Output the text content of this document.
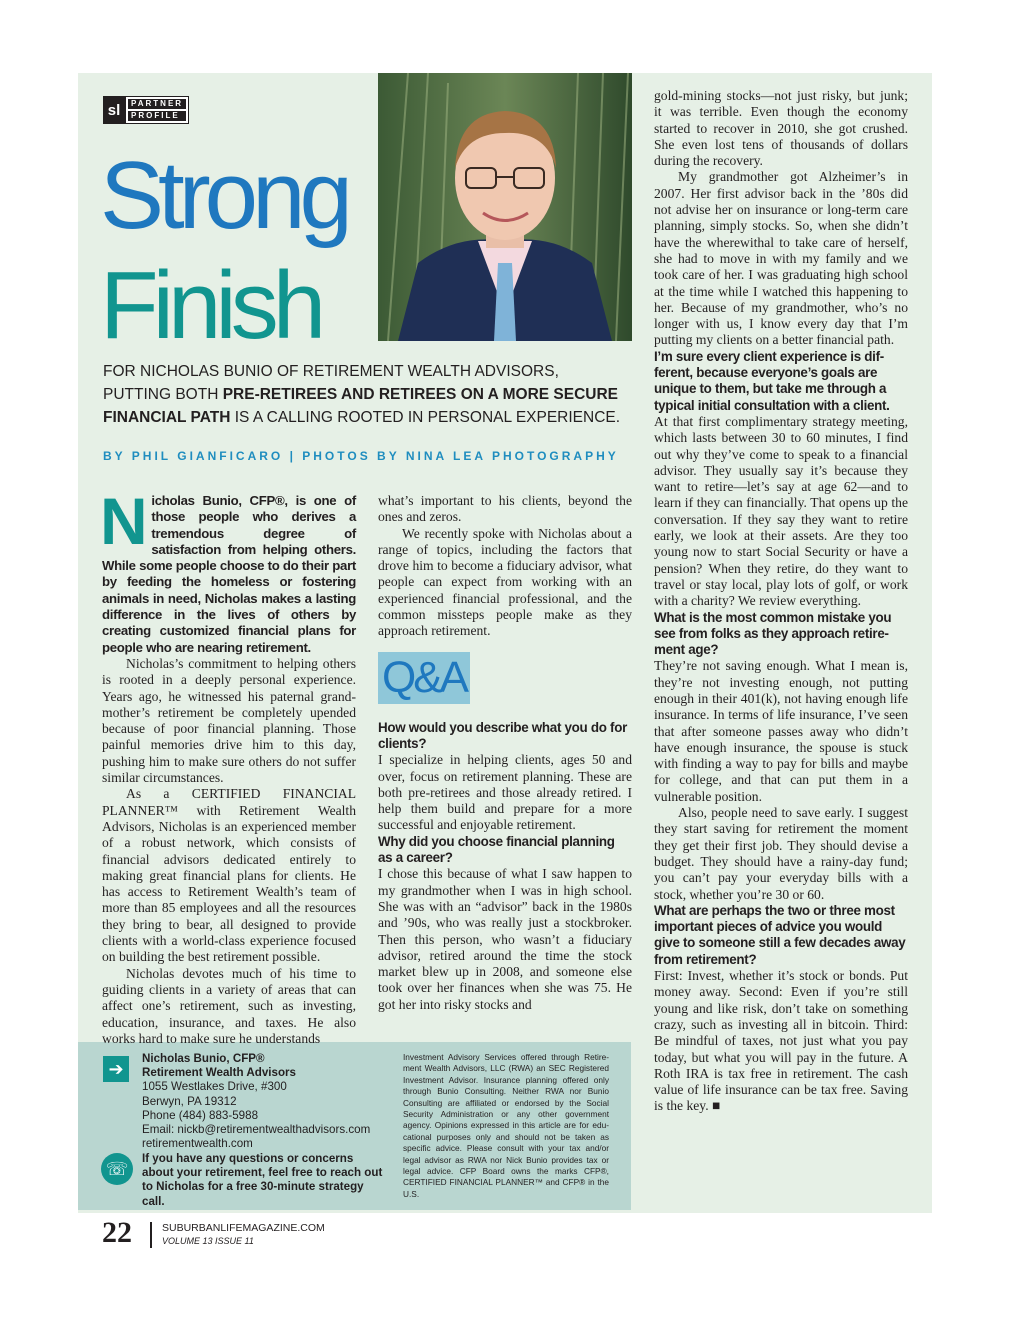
sl	PARTNER
PROFILE
Strong
Finish
FOR NICHOLAS BUNIO OF RETIREMENT WEALTH ADVISORS, PUTTING BOTH PRE-RETIREES AND RETIREES ON A MORE SECURE FINANCIAL PATH IS A CALLING ROOTED IN PERSONAL EXPERIENCE.
BY PHIL GIANFICARO | PHOTOS BY NINA LEA PHOTOGRAPHY

Nicholas Bunio, CFP®, is one of those people who derives a tremendous degree of satisfaction from helping others. While some people choose to do their part by feeding the homeless or fostering animals in need, Nicholas makes a lasting difference in the lives of others by creating customized financial plans for people who are nearing retirement.

Nicholas’s commitment to helping others is rooted in a deeply personal experience. Years ago, he witnessed his paternal grandmother’s retirement be completely upended because of poor financial planning. Those painful memories drive him to this day, pushing him to make sure others do not suffer similar circumstances.

As a CERTIFIED FINANCIAL PLANNER™ with Retirement Wealth Advisors, Nicholas is an experienced member of a robust network, which consists of financial advisors dedicated entirely to making great financial plans for clients. He has access to Retirement Wealth’s team of more than 85 employees and all the resources they bring to bear, all designed to provide clients with a world-class experience focused on building the best retirement possible.

Nicholas devotes much of his time to guiding clients in a variety of areas that can affect one’s retirement, such as investing, education, insurance, and taxes. He also works hard to make sure he understands

what’s important to his clients, beyond the ones and zeros.

We recently spoke with Nicholas about a range of topics, including the factors that drove him to become a fiduciary advisor, what people can expect from working with an experienced financial professional, and the common missteps people make as they approach retirement.

Q&A

How would you describe what you do for clients?

I specialize in helping clients, ages 50 and over, focus on retirement planning. These are both pre-retirees and those already retired. I help them build and prepare for a more successful and enjoyable retirement.

Why did you choose financial planning as a career?

I chose this because of what I saw happen to my grandmother when I was in high school. She was with an “advisor” back in the 1980s and ’90s, who was really just a stockbroker. Then this person, who wasn’t a fiduciary advisor, retired around the time the stock market blew up in 2008, and someone else took over her finances when she was 75. He got her into risky stocks and

gold-mining stocks—not just risky, but junk; it was terrible. Even though the economy started to recover in 2010, she got crushed. She even lost tens of thousands of dollars during the recovery.

My grandmother got Alzheimer’s in 2007. Her first advisor back in the ’80s did not advise her on insurance or long-term care planning, simply stocks. So, when she didn’t have the wherewithal to take care of herself, she had to move in with my family and we took care of her. I was graduating high school at the time while I watched this happening to her. Because of my grandmother, who’s no longer with us, I know every day that I’m putting my clients on a better financial path.

I’m sure every client experience is different, because everyone’s goals are unique to them, but take me through a typical initial consultation with a client.

At that first complimentary strategy meeting, which lasts between 30 to 60 minutes, I find out why they’ve come to speak to a financial advisor. They usually say it’s because they want to retire—let’s say at age 62—and to learn if they can financially. That opens up the conversation. If they say they want to retire early, we look at their assets. Are they too young now to start Social Security or have a pension? When they retire, do they want to travel or stay local, play lots of golf, or work with a charity? We review everything.

What is the most common mistake you see from folks as they approach retirement age?

They’re not saving enough. What I mean is, they’re not investing enough, not putting enough in their 401(k), not having enough life insurance. In terms of life insurance, I’ve seen that after someone passes away who didn’t have enough insurance, the spouse is stuck with finding a way to pay for bills and maybe for college, and that can put them in a vulnerable position.

Also, people need to save early. I suggest they start saving for retirement the moment they get their first job. They should devise a budget. They should have a rainy-day fund; you can’t pay your everyday bills with a stock, whether you’re 30 or 60.

What are perhaps the two or three most important pieces of advice you would give to someone still a few decades away from retirement?

First: Invest, whether it’s stock or bonds. Put money away. Second: Even if you’re still young and like risk, don’t take on something crazy, such as investing all in bitcoin. Third: Be mindful of taxes, not just what you pay today, but what you will pay in the future. A Roth IRA is tax free in retirement. The cash value of life insurance can be tax free. Saving is the key. ■

➔	Nicholas Bunio, CFP®
Retirement Wealth Advisors
1055 Westlakes Drive, #300
Berwyn, PA 19312
Phone (484) 883-5988
Email: nickb@retirementwealthadvisors.com
retirementwealth.com
☏	If you have any questions or concerns about your retirement, feel free to reach out to Nicholas for a free 30-minute strategy call.
Investment Advisory Services offered through Retirement Wealth Advisors, LLC (RWA) an SEC Registered Investment Advisor. Insurance planning offered only through Bunio Consulting. Neither RWA nor Bunio Consulting are affiliated or endorsed by the Social Security Administration or any other government agency. Opinions expressed in this article are for educational purposes only and should not be taken as specific advice. Please consult with your tax and/or legal advisor as RWA nor Nick Bunio provides tax or legal advice. CFP Board owns the marks CFP®, CERTIFIED FINANCIAL PLANNER™ and CFP® in the U.S.
22	SUBURBANLIFEMAGAZINE.COM
VOLUME 13 ISSUE 11
